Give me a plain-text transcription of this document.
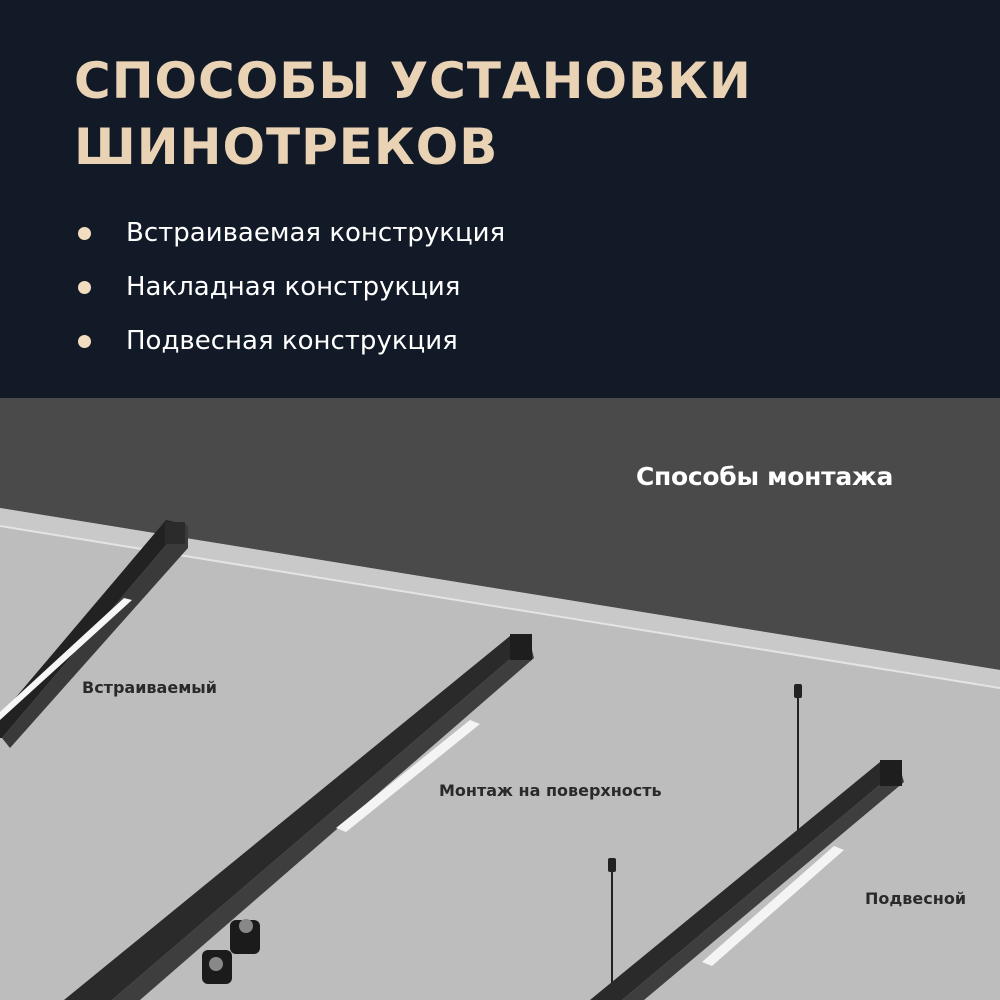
СПОСОБЫ УСТАНОВКИ
ШИНОТРЕКОВ
Встраиваемая конструкция
Накладная конструкция
Подвесная конструкция
Способы монтажа
Встраиваемый
Монтаж на поверхность
Подвесной
